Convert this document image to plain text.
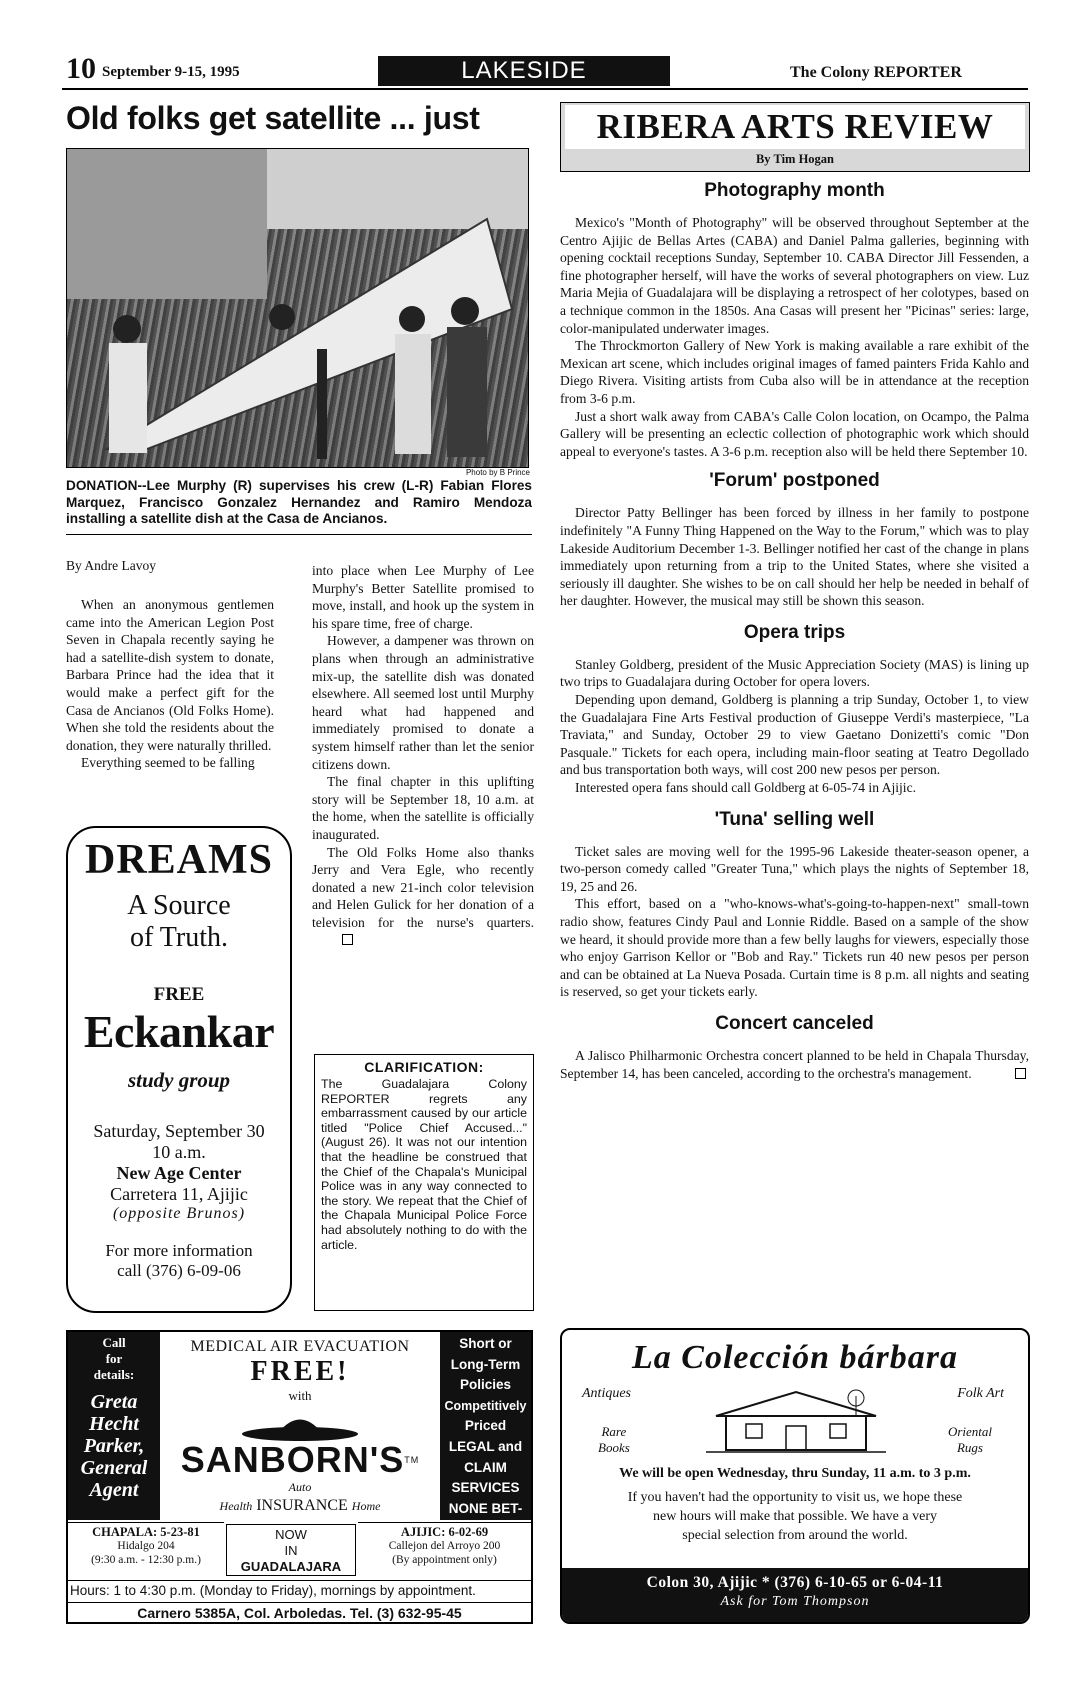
10 September 9-15, 1995	LAKESIDE	The Colony REPORTER
Old folks get satellite ... just
Photo by B Prince
DONATION--Lee Murphy (R) supervises his crew (L-R) Fabian Flores Marquez, Francisco Gonzalez Hernandez and Ramiro Mendoza installing a satellite dish at the Casa de Ancianos.
By Andre Lavoy

When an anonymous gentlemen came into the American Legion Post Seven in Chapala recently saying he had a satellite-dish system to donate, Barbara Prince had the idea that it would make a perfect gift for the Casa de Ancianos (Old Folks Home). When she told the residents about the donation, they were naturally thrilled.

Everything seemed to be falling

into place when Lee Murphy of Lee Murphy's Better Satellite promised to move, install, and hook up the system in his spare time, free of charge.

However, a dampener was thrown on plans when through an administrative mix-up, the satellite dish was donated elsewhere. All seemed lost until Murphy heard what had happened and immediately promised to donate a system himself rather than let the senior citizens down.

The final chapter in this uplifting story will be September 18, 10 a.m. at the home, when the satellite is officially inaugurated.

The Old Folks Home also thanks Jerry and Vera Egle, who recently donated a new 21-inch color television and Helen Gulick for her donation of a television for the nurse's quarters.

DREAMS
A Source
of Truth.
FREE
Eckankar
study group
Saturday, September 30
10 a.m.
New Age Center
Carretera 11, Ajijic
(opposite Brunos)
For more information
call (376) 6-09-06
CLARIFICATION:
The Guadalajara Colony REPORTER regrets any embarrassment caused by our article titled "Police Chief Accused..." (August 26). It was not our intention that the headline be construed that the Chief of the Chapala's Municipal Police was in any way connected to the story. We repeat that the Chief of the Chapala Municipal Police Force had absolutely nothing to do with the article.
RIBERA ARTS REVIEW
By Tim Hogan
Photography month

Mexico's "Month of Photography" will be observed throughout September at the Centro Ajijic de Bellas Artes (CABA) and Daniel Palma galleries, beginning with opening cocktail receptions Sunday, September 10. CABA Director Jill Fessenden, a fine photographer herself, will have the works of several photographers on view. Luz Maria Mejia of Guadalajara will be displaying a retrospect of her colotypes, based on a technique common in the 1850s. Ana Casas will present her "Picinas" series: large, color-manipulated underwater images.

The Throckmorton Gallery of New York is making available a rare exhibit of the Mexican art scene, which includes original images of famed painters Frida Kahlo and Diego Rivera. Visiting artists from Cuba also will be in attendance at the reception from 3-6 p.m.

Just a short walk away from CABA's Calle Colon location, on Ocampo, the Palma Gallery will be presenting an eclectic collection of photographic work which should appeal to everyone's tastes. A 3-6 p.m. reception also will be held there September 10.

'Forum' postponed

Director Patty Bellinger has been forced by illness in her family to postpone indefinitely "A Funny Thing Happened on the Way to the Forum," which was to play Lakeside Auditorium December 1-3. Bellinger notified her cast of the change in plans immediately upon returning from a trip to the United States, where she visited a seriously ill daughter. She wishes to be on call should her help be needed in behalf of her daughter. However, the musical may still be shown this season.

Opera trips

Stanley Goldberg, president of the Music Appreciation Society (MAS) is lining up two trips to Guadalajara during October for opera lovers.

Depending upon demand, Goldberg is planning a trip Sunday, October 1, to view the Guadalajara Fine Arts Festival production of Giuseppe Verdi's masterpiece, "La Traviata," and Sunday, October 29 to view Gaetano Donizetti's comic "Don Pasquale." Tickets for each opera, including main-floor seating at Teatro Degollado and bus transportation both ways, will cost 200 new pesos per person.

Interested opera fans should call Goldberg at 6-05-74 in Ajijic.

'Tuna' selling well

Ticket sales are moving well for the 1995-96 Lakeside theater-season opener, a two-person comedy called "Greater Tuna," which plays the nights of September 18, 19, 25 and 26.

This effort, based on a "who-knows-what's-going-to-happen-next" small-town radio show, features Cindy Paul and Lonnie Riddle. Based on a sample of the show we heard, it should provide more than a few belly laughs for viewers, especially those who enjoy Garrison Kellor or "Bob and Ray." Tickets run 40 new pesos per person and can be obtained at La Nueva Posada. Curtain time is 8 p.m. all nights and seating is reserved, so get your tickets early.

Concert canceled

A Jalisco Philharmonic Orchestra concert planned to be held in Chapala Thursday, September 14, has been canceled, according to the orchestra's management.

Call
for
details:
Greta
Hecht
Parker,
General
Agent
MEDICAL AIR EVACUATION
FREE!
with
SANBORN'S™
Auto
Health INSURANCE Home
Short or
Long-Term
Policies
Competitively
Priced
LEGAL and
CLAIM
SERVICES
NONE BET-
CHAPALA: 5-23-81
Hidalgo 204
(9:30 a.m. - 12:30 p.m.)
NOW
IN
GUADALAJARA
AJIJIC: 6-02-69
Callejon del Arroyo 200
(By appointment only)
Hours: 1 to 4:30 p.m. (Monday to Friday), mornings by appointment.
Carnero 5385A, Col. Arboledas. Tel. (3) 632-95-45
La Colección bárbara
Antiques	Folk Art
Rare
Books
Oriental
Rugs
We will be open Wednesday, thru Sunday, 11 a.m. to 3 p.m.
If you haven't had the opportunity to visit us, we hope these
new hours will make that possible. We have a very
special selection from around the world.
Colon 30, Ajijic * (376) 6-10-65 or 6-04-11
Ask for Tom Thompson
